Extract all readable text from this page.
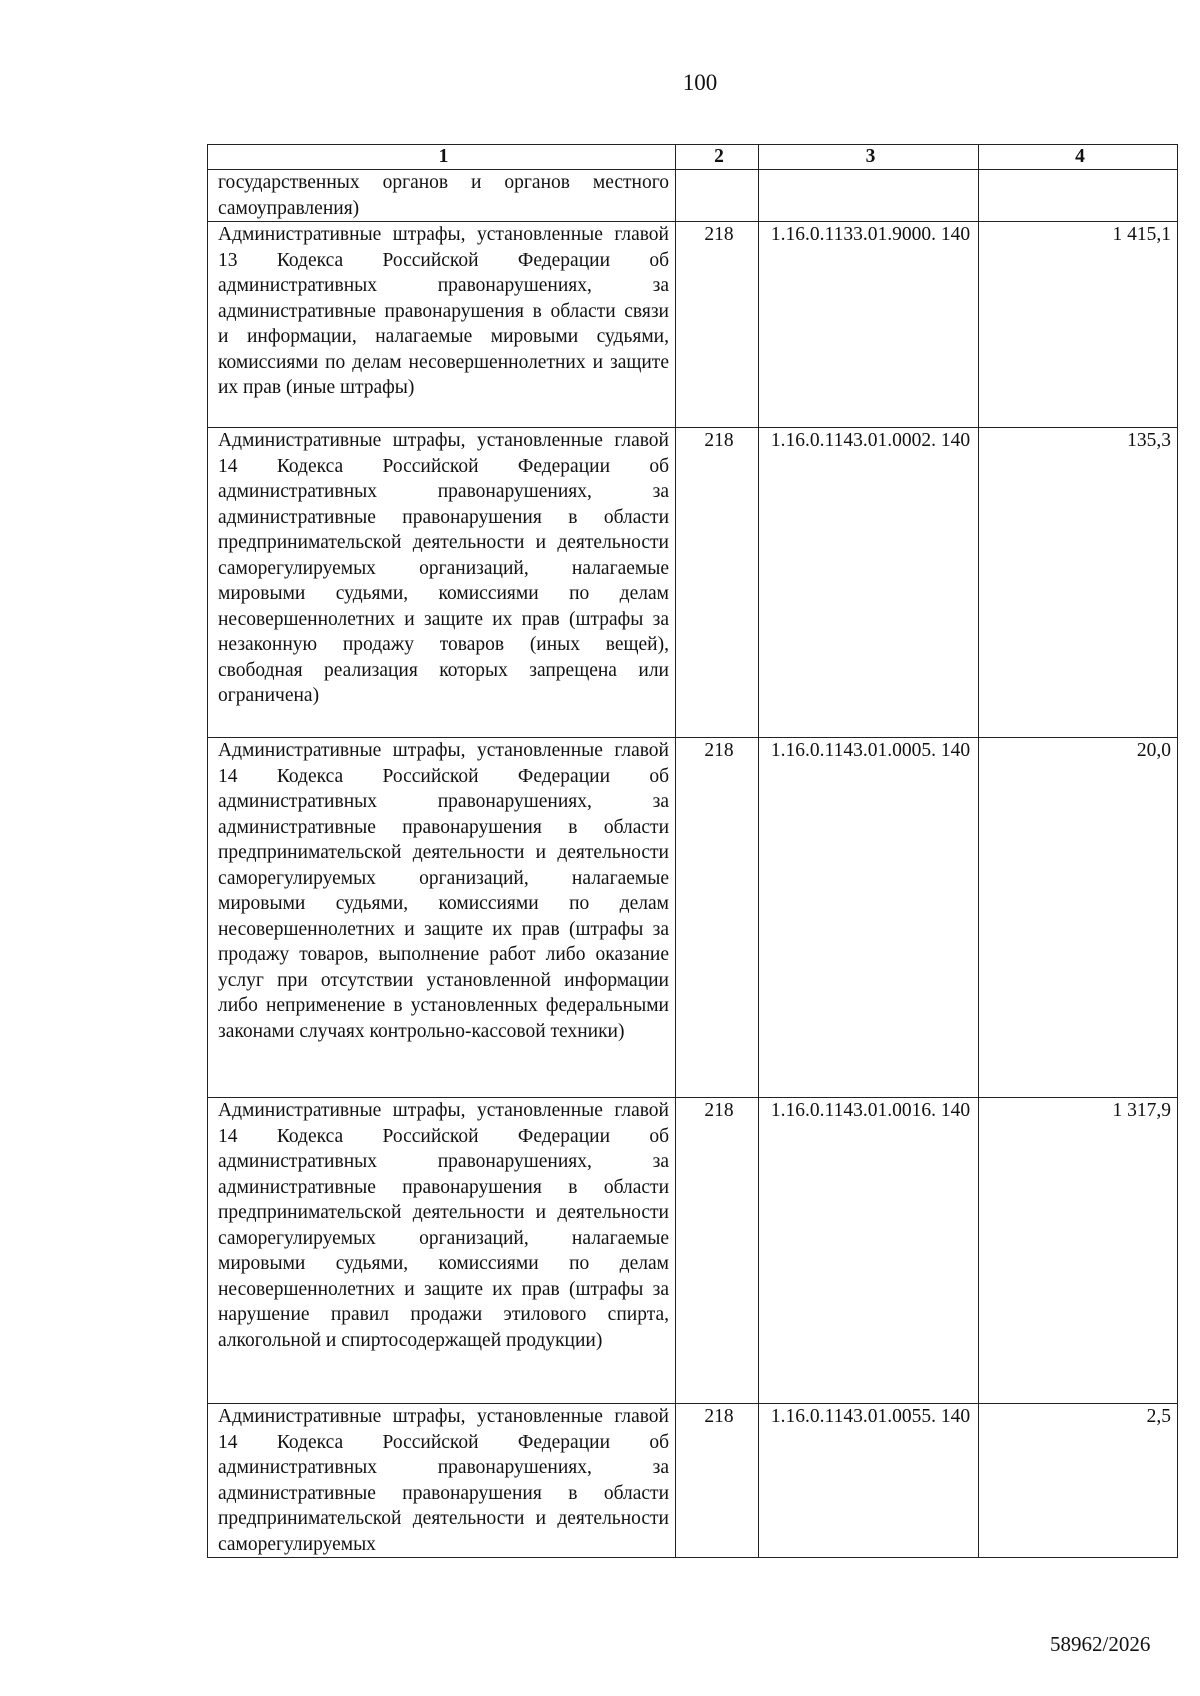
100
1	2	3	4
государственных органов и органов местного самоуправления)			
Административные штрафы, установленные главой 13 Кодекса Российской Федерации об административных правонарушениях, за административные правонарушения в области связи и информации, налагаемые мировыми судьями, комиссиями по делам несовершеннолетних и защите их прав (иные штрафы)	218	1.16.0.1133.01.9000. 140	1 415,1
Административные штрафы, установленные главой 14 Кодекса Российской Федерации об административных правонарушениях, за административные правонарушения в области предпринимательской деятельности и деятельности саморегулируемых организаций, налагаемые мировыми судьями, комиссиями по делам несовершеннолетних и защите их прав (штрафы за незаконную продажу товаров (иных вещей), свободная реализация которых запрещена или ограничена)	218	1.16.0.1143.01.0002. 140	135,3
Административные штрафы, установленные главой 14 Кодекса Российской Федерации об административных правонарушениях, за административные правонарушения в области предпринимательской деятельности и деятельности саморегулируемых организаций, налагаемые мировыми судьями, комиссиями по делам несовершеннолетних и защите их прав (штрафы за продажу товаров, выполнение работ либо оказание услуг при отсутствии установленной информации либо неприменение в установленных федеральными законами случаях контрольно-кассовой техники)	218	1.16.0.1143.01.0005. 140	20,0
Административные штрафы, установленные главой 14 Кодекса Российской Федерации об административных правонарушениях, за административные правонарушения в области предпринимательской деятельности и деятельности саморегулируемых организаций, налагаемые мировыми судьями, комиссиями по делам несовершеннолетних и защите их прав (штрафы за нарушение правил продажи этилового спирта, алкогольной и спиртосодержащей продукции)	218	1.16.0.1143.01.0016. 140	1 317,9
Административные штрафы, установленные главой 14 Кодекса Российской Федерации об административных правонарушениях, за административные правонарушения в области предпринимательской деятельности и деятельности саморегулируемых	218	1.16.0.1143.01.0055. 140	2,5
58962/2026
